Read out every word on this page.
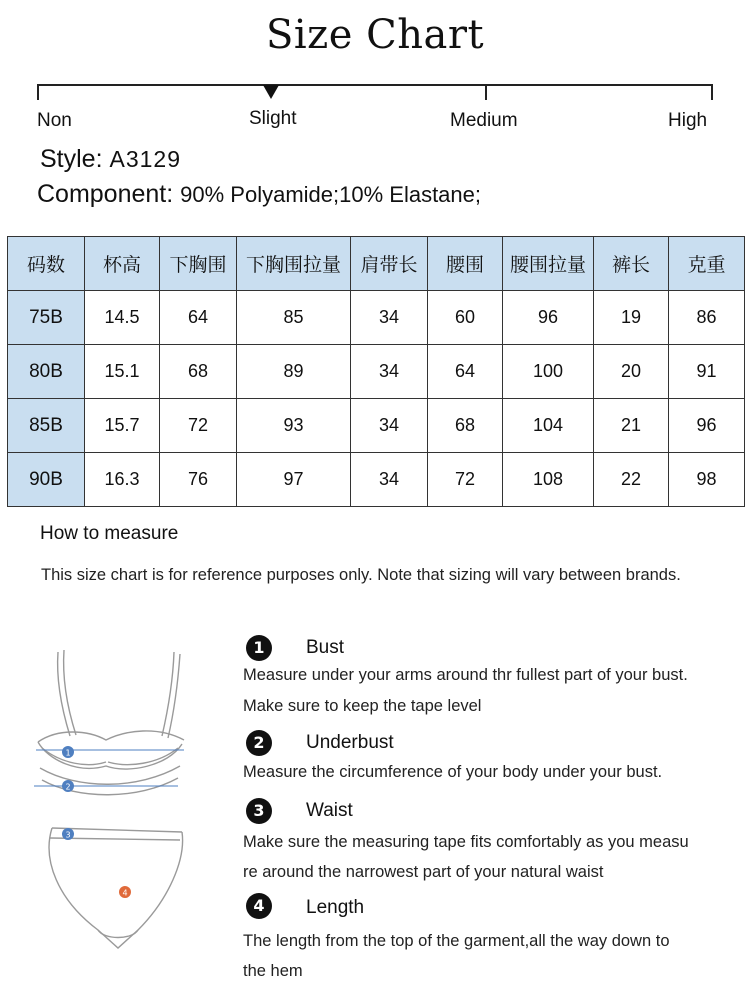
Size Chart
Non	Slight	Medium	High
Style: A3129
Component: 90% Polyamide;10% Elastane;
码数	杯高	下胸围	下胸围拉量	肩带长	腰围	腰围拉量	裤长	克重
75B	14.5	64	85	34	60	96	19	86
80B	15.1	68	89	34	64	100	20	91
85B	15.7	72	93	34	68	104	21	96
90B	16.3	76	97	34	72	108	22	98
How to measure
This size chart is for reference purposes only. Note that sizing will vary between brands.
1
2
3
4
1	Bust
Measure under your arms around thr fullest part of your bust.
Make sure to keep the tape level
2	Underbust
Measure the circumference of your body under your bust.
3	Waist
Make sure the measuring tape fits comfortably as you measu
re around the narrowest part of your natural waist
4	Length
The length from the top of the garment,all the way down to
the hem
